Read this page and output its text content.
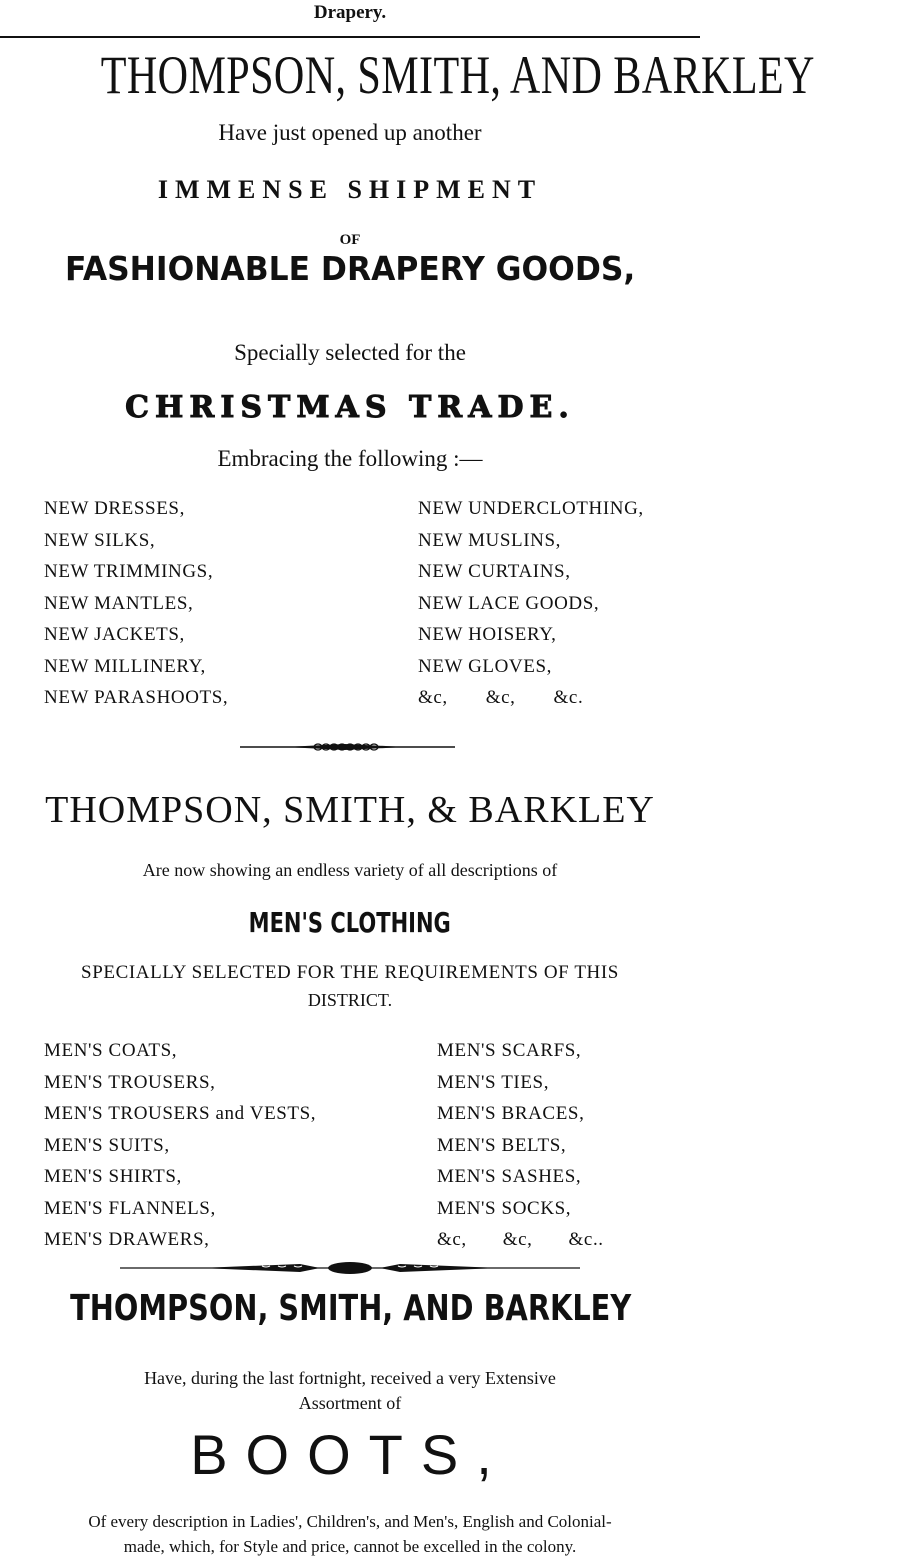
Drapery.
THOMPSON, SMITH, AND BARKLEY
Have just opened up another
IMMENSE SHIPMENT
OF
FASHIONABLE DRAPERY GOODS,
Specially selected for the
CHRISTMAS TRADE.
Embracing the following :—
NEW DRESSES,
NEW SILKS,
NEW TRIMMINGS,
NEW MANTLES,
NEW JACKETS,
NEW MILLINERY,
NEW PARASHOOTS,
NEW UNDERCLOTHING,
NEW MUSLINS,
NEW CURTAINS,
NEW LACE GOODS,
NEW HOISERY,
NEW GLOVES,
&c, &c, &c.
THOMPSON, SMITH, & BARKLEY
Are now showing an endless variety of all descriptions of
MEN'S CLOTHING
SPECIALLY SELECTED FOR THE REQUIREMENTS OF THIS
DISTRICT.
MEN'S COATS,
MEN'S TROUSERS,
MEN'S TROUSERS and VESTS,
MEN'S SUITS,
MEN'S SHIRTS,
MEN'S FLANNELS,
MEN'S DRAWERS,
MEN'S SCARFS,
MEN'S TIES,
MEN'S BRACES,
MEN'S BELTS,
MEN'S SASHES,
MEN'S SOCKS,
&c, &c, &c..
THOMPSON, SMITH, AND BARKLEY
Have, during the last fortnight, received a very Extensive
Assortment of
BOOTS,
Of every description in Ladies', Children's, and Men's, English and Colonial-
made, which, for Style and price, cannot be excelled in the colony.
